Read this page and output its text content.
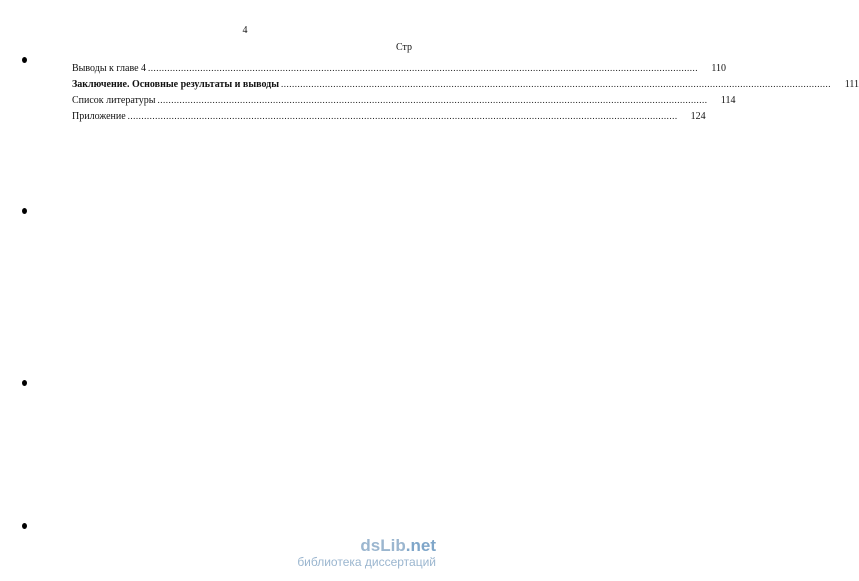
4
Стр
Выводы к главе 4 ........................................................................................................................................................................................................	110
Заключение. Основные результаты и выводы ........................................................................................................................................................................................................	111
Список литературы ........................................................................................................................................................................................................	114
Приложение ........................................................................................................................................................................................................	124
dsLib.net
библиотека диссертаций
